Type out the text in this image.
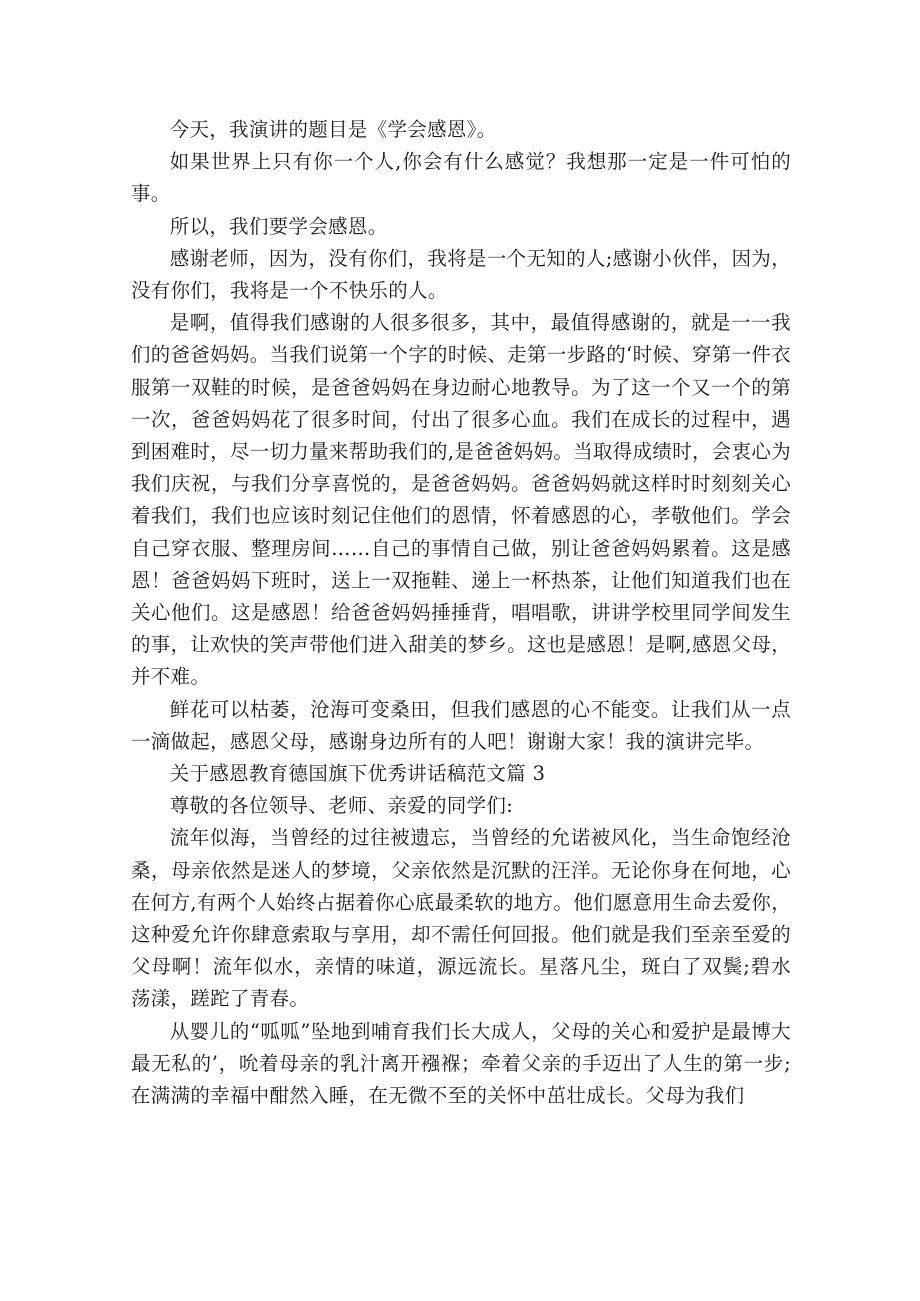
今天，我演讲的题目是《学会感恩》。

如果世界上只有你一个人,你会有什么感觉？我想那一定是一件可怕的事。

所以，我们要学会感恩。

感谢老师，因为，没有你们，我将是一个无知的人;感谢小伙伴，因为，没有你们，我将是一个不快乐的人。

是啊，值得我们感谢的人很多很多，其中，最值得感谢的，就是一一我们的爸爸妈妈。当我们说第一个字的时候、走第一步路的‘时候、穿第一件衣服第一双鞋的时候，是爸爸妈妈在身边耐心地教导。为了这一个又一个的第一次，爸爸妈妈花了很多时间，付出了很多心血。我们在成长的过程中，遇到困难时，尽一切力量来帮助我们的,是爸爸妈妈。当取得成绩时，会衷心为我们庆祝，与我们分享喜悦的，是爸爸妈妈。爸爸妈妈就这样时时刻刻关心着我们，我们也应该时刻记住他们的恩情，怀着感恩的心，孝敬他们。学会自己穿衣服、整理房间……自己的事情自己做，别让爸爸妈妈累着。这是感恩！爸爸妈妈下班时，送上一双拖鞋、递上一杯热茶，让他们知道我们也在关心他们。这是感恩！给爸爸妈妈捶捶背，唱唱歌，讲讲学校里同学间发生的事，让欢快的笑声带他们进入甜美的梦乡。这也是感恩！是啊,感恩父母，并不难。

鲜花可以枯萎，沧海可变桑田，但我们感恩的心不能变。让我们从一点一滴做起，感恩父母，感谢身边所有的人吧！谢谢大家！我的演讲完毕。

关于感恩教育德国旗下优秀讲话稿范文篇 3

尊敬的各位领导、老师、亲爱的同学们:

流年似海，当曾经的过往被遗忘，当曾经的允诺被风化，当生命饱经沧桑，母亲依然是迷人的梦境，父亲依然是沉默的汪洋。无论你身在何地，心在何方,有两个人始终占据着你心底最柔软的地方。他们愿意用生命去爱你，这种爱允许你肆意索取与享用，却不需任何回报。他们就是我们至亲至爱的父母啊！流年似水，亲情的味道，源远流长。星落凡尘，斑白了双鬓;碧水荡漾，蹉跎了青春。

从婴儿的“呱呱”坠地到哺育我们长大成人，父母的关心和爱护是最博大最无私的’，吮着母亲的乳汁离开襁褓；牵着父亲的手迈出了人生的第一步;在满满的幸福中酣然入睡，在无微不至的关怀中茁壮成长。父母为我们
